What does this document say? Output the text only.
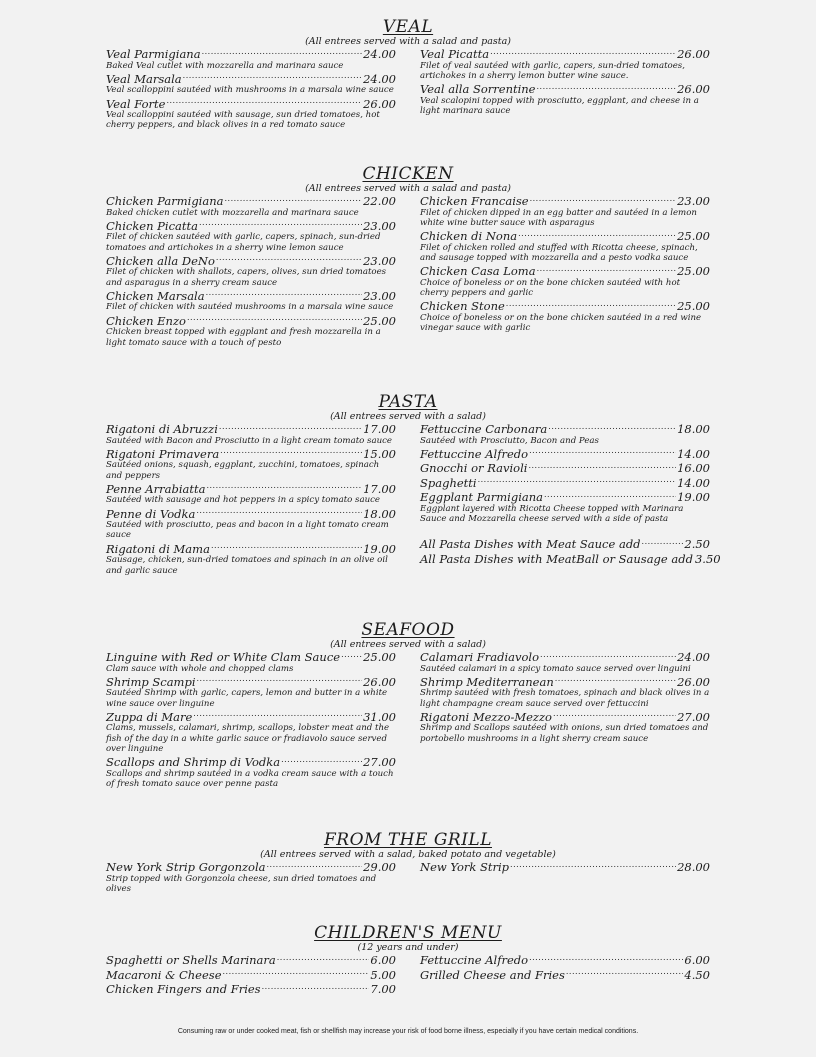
VEAL
(All entrees served with a salad and pasta)
Veal Parmigiana .....	24.00
Baked Veal cutlet with mozzarella and marinara sauce
Veal Marsala .....	24.00
Veal scalloppini sautéed with mushrooms in a marsala wine sauce
Veal Forte .....	26.00
Veal scalloppini sautéed with sausage, sun dried tomatoes, hot cherry peppers, and black olives in a red tomato sauce
Veal Picatta .....	26.00
Filet of veal sautéed with garlic, capers, sun-dried tomatoes, artichokes in a sherry lemon butter wine sauce.
Veal alla Sorrentine .....	26.00
Veal scalopini topped with prosciutto, eggplant, and cheese in a light marinara sauce
CHICKEN
(All entrees served with a salad and pasta)
Chicken Parmigiana .....	22.00
Baked chicken cutlet with mozzarella and marinara sauce
Chicken Picatta .....	23.00
Filet of chicken sautéed with garlic, capers, spinach, sun-dried tomatoes and artichokes in a sherry wine lemon sauce
Chicken alla DeNo .....	23.00
Filet of chicken with shallots, capers, olives, sun dried tomatoes and asparagus in a sherry cream sauce
Chicken Marsala .....	23.00
Filet of chicken with sautéed mushrooms in a marsala wine sauce
Chicken Enzo .....	25.00
Chicken breast topped with eggplant and fresh mozzarella in a light tomato sauce with a touch of pesto
Chicken Francaise .....	23.00
Filet of chicken dipped in an egg batter and sautéed in a lemon white wine butter sauce with asparagus
Chicken di Nona .....	25.00
Filet of chicken rolled and stuffed with Ricotta cheese, spinach, and sausage topped with mozzarella and a pesto vodka sauce
Chicken Casa Loma .....	25.00
Choice of boneless or on the bone chicken sautéed with hot cherry peppers and garlic
Chicken Stone .....	25.00
Choice of boneless or on the bone chicken sautéed in a red wine vinegar sauce with garlic
PASTA
(All entrees served with a salad)
Rigatoni di Abruzzi .....	17.00
Sautéed with Bacon and Prosciutto in a light cream tomato sauce
Rigatoni Primavera .....	15.00
Sautéed onions, squash, eggplant, zucchini, tomatoes, spinach and peppers
Penne Arrabiatta .....	17.00
Sautéed with sausage and hot peppers in a spicy tomato sauce
Penne di Vodka .....	18.00
Sautéed with prosciutto, peas and bacon in a light tomato cream sauce
Rigatoni di Mama .....	19.00
Sausage, chicken, sun-dried tomatoes and spinach in an olive oil and garlic sauce
Fettuccine Carbonara .....	18.00
Sautéed with Prosciutto, Bacon and Peas
Fettuccine Alfredo .....	14.00
Gnocchi or Ravioli .....	16.00
Spaghetti .....	14.00
Eggplant Parmigiana .....	19.00
Eggplant layered with Ricotta Cheese topped with Marinara Sauce and Mozzarella cheese served with a side of pasta
All Pasta Dishes with Meat Sauce add .....	2.50
All Pasta Dishes with MeatBall or Sausage add 3.50
SEAFOOD
(All entrees served with a salad)
Linguine with Red or White Clam Sauce ..... 25.00
Clam sauce with whole and chopped clams
Shrimp Scampi .....	26.00
Sautéed Shrimp with garlic, capers, lemon and butter in a white wine sauce over linguine
Zuppa di Mare .....	31.00
Clams, mussels, calamari, shrimp, scallops, lobster meat and the fish of the day in a white garlic sauce or fradiavolo sauce served over linguine
Scallops and Shrimp di Vodka .....	27.00
Scallops and shrimp sautéed in a vodka cream sauce with a touch of fresh tomato sauce over penne pasta
Calamari Fradiavolo .....	24.00
Sautéed calamari in a spicy tomato sauce served over linguini
Shrimp Mediterranean .....	26.00
Shrimp sautéed with fresh tomatoes, spinach and black olives in a light champagne cream sauce served over fettuccini
Rigatoni Mezzo-Mezzo .....	27.00
Shrimp and Scallops sautéed with onions, sun dried tomatoes and portobello mushrooms in a light sherry cream sauce
FROM THE GRILL
(All entrees served with a salad, baked potato and vegetable)
New York Strip Gorgonzola .....	29.00
Strip topped with Gorgonzola cheese, sun dried tomatoes and olives
New York Strip .....	28.00
CHILDREN'S MENU
(12 years and under)
Spaghetti or Shells Marinara .....	6.00
Macaroni & Cheese .....	5.00
Chicken Fingers and Fries .....	7.00
Fettuccine Alfredo .....	6.00
Grilled Cheese and Fries .....	4.50
Consuming raw or under cooked meat, fish or shellfish may increase your risk of food borne illness, especially if you have certain medical conditions.
